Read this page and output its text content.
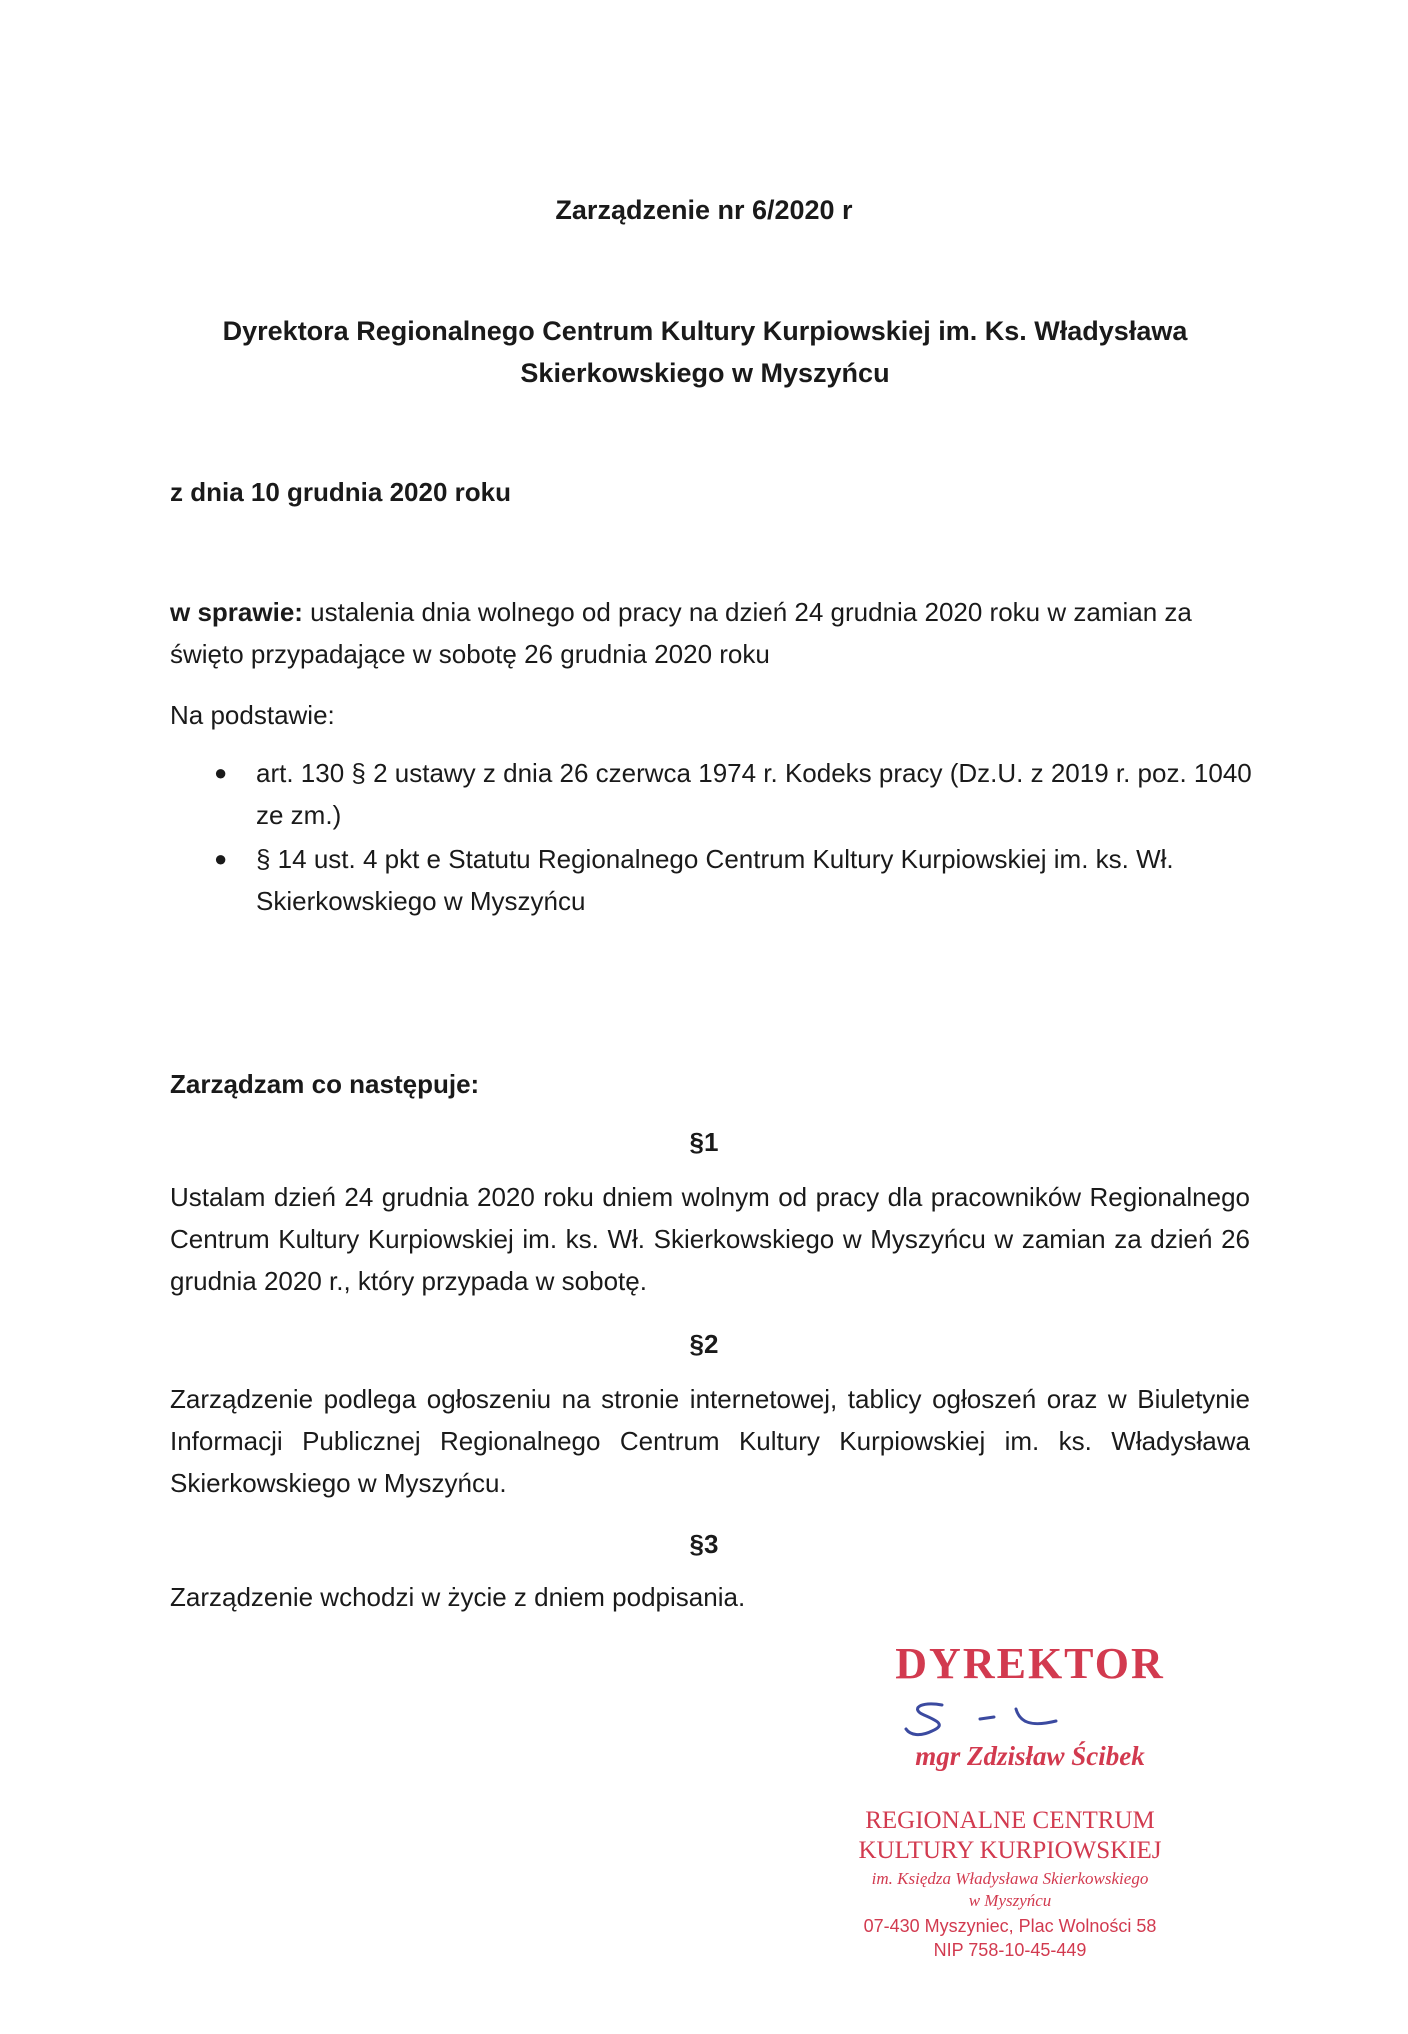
Zarządzenie nr 6/2020 r
Dyrektora Regionalnego Centrum Kultury Kurpiowskiej im. Ks. Władysława
Skierkowskiego w Myszyńcu
z dnia 10 grudnia 2020 roku
w sprawie: ustalenia dnia wolnego od pracy na dzień 24 grudnia 2020 roku w zamian za święto przypadające w sobotę 26 grudnia 2020 roku
Na podstawie:
● art. 130 § 2 ustawy z dnia 26 czerwca 1974 r. Kodeks pracy (Dz.U. z 2019 r. poz. 1040 ze zm.)
● § 14 ust. 4 pkt e Statutu Regionalnego Centrum Kultury Kurpiowskiej im. ks. Wł. Skierkowskiego w Myszyńcu
Zarządzam co następuje:
§1
Ustalam dzień 24 grudnia 2020 roku dniem wolnym od pracy dla pracowników Regionalnego Centrum Kultury Kurpiowskiej im. ks. Wł. Skierkowskiego w Myszyńcu w zamian za dzień 26 grudnia 2020 r., który przypada w sobotę.
§2
Zarządzenie podlega ogłoszeniu na stronie internetowej, tablicy ogłoszeń oraz w Biuletynie Informacji Publicznej Regionalnego Centrum Kultury Kurpiowskiej im. ks. Władysława Skierkowskiego w Myszyńcu.
§3
Zarządzenie wchodzi w życie z dniem podpisania.
DYREKTOR
mgr Zdzisław Ścibek
REGIONALNE CENTRUM
KULTURY KURPIOWSKIEJ
im. Księdza Władysława Skierkowskiego
w Myszyńcu
07-430 Myszyniec, Plac Wolności 58
NIP 758-10-45-449
